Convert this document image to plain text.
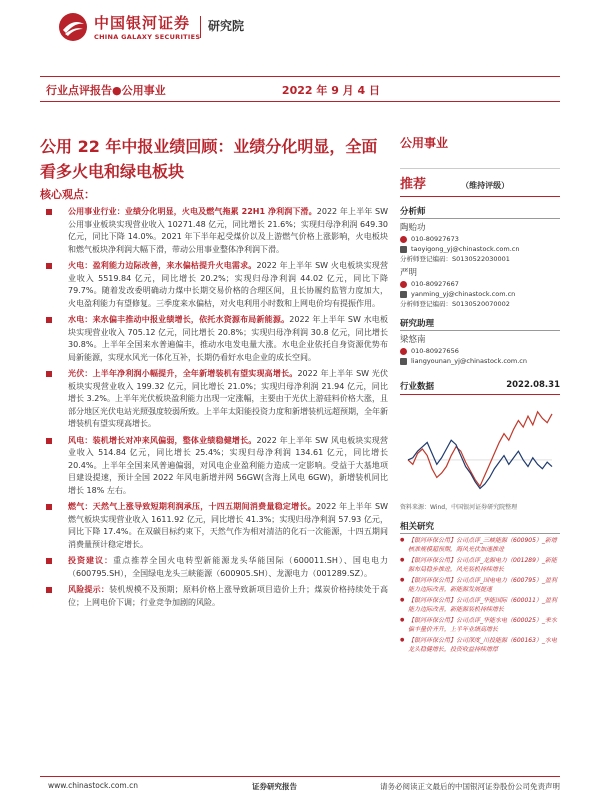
中国银河证券
CHINA GALAXY SECURITIES
研究院
行业点评报告●公用事业	2022 年 9 月 4 日
公用 22 年中报业绩回顾：业绩分化明显，全面看多火电和绿电板块
核心观点：
公用事业行业：业绩分化明显，火电及燃气拖累 22H1 净利润下滑。2022 年上半年 SW 公用事业板块实现营业收入 10271.48 亿元，同比增长 21.6%；实现归母净利润 649.30 亿元，同比下降 14.0%。2021 年下半年起受煤价以及上游燃气价格上涨影响，火电板块和燃气板块净利润大幅下滑，带动公用事业整体净利润下滑。
火电：盈利能力边际改善，来水偏枯提升火电需求。2022 年上半年 SW 火电板块实现营业收入 5519.84 亿元，同比增长 20.2%；实现归母净利润 44.02 亿元，同比下降 79.7%。随着发改委明确动力煤中长期交易价格的合理区间，且长协履约监管力度加大，火电盈利能力有望修复。三季度来水偏枯，对火电利用小时数和上网电价均有提振作用。
水电：来水偏丰推动中报业绩增长，依托水资源布局新能源。2022 年上半年 SW 水电板块实现营业收入 705.12 亿元，同比增长 20.8%；实现归母净利润 30.8 亿元，同比增长 30.8%。上半年全国来水普遍偏丰，推动水电发电量大涨。水电企业依托自身资源优势布局新能源，实现水风光一体化互补，长期仍看好水电企业的成长空间。
光伏：上半年净利润小幅提升，全年新增装机有望实现高增长。2022 年上半年 SW 光伏板块实现营业收入 199.32 亿元，同比增长 21.0%；实现归母净利润 21.94 亿元，同比增长 3.2%。上半年光伏板块盈利能力出现一定涨幅，主要由于光伏上游硅料价格大涨，且部分地区光伏电站光照强度较弱所致。上半年太阳能投资力度和新增装机远超预期，全年新增装机有望实现高增长。
风电：装机增长对冲来风偏弱，整体业绩稳健增长。2022 年上半年 SW 风电板块实现营业收入 514.84 亿元，同比增长 25.4%；实现归母净利润 134.61 亿元，同比增长 20.4%。上半年全国来风普遍偏弱，对风电企业盈利能力造成一定影响。受益于大基地项目建设提速，预计全国 2022 年风电新增并网 56GW(含海上风电 6GW)，新增装机同比增长 18% 左右。
燃气：天然气上涨导致短期利润承压，十四五期间消费量稳定增长。2022 年上半年 SW 燃气板块实现营业收入 1611.92 亿元，同比增长 41.3%；实现归母净利润 57.93 亿元，同比下降 17.4%。在双碳目标约束下，天然气作为相对清洁的化石一次能源，十四五期间消费量预计稳定增长。
投资建议：重点推荐全国火电转型新能源龙头华能国际（600011.SH）、国电电力（600795.SH），全国绿电龙头三峡能源（600905.SH）、龙源电力（001289.SZ）。
风险提示：装机规模不及预期；原料价格上涨导致新项目造价上升；煤炭价格持续处于高位；上网电价下调；行业竞争加剧的风险。
公用事业
推荐	（维持评级）
分析师
陶贻功
010-80927673
taoyigong_yj@chinastock.com.cn
分析师登记编码：S0130522030001
严明
010-80927667
yanming_yj@chinastock.com.cn
分析师登记编码：S0130520070002
研究助理
梁悠南
010-80927656
liangyounan_yj@chinastock.com.cn
行业数据	2022.08.31
资料来源：Wind，中国银河证券研究院整理
相关研究
● 【银河环保公用】公司点评_三峡能源（600905）_新增核准规模超预期，海风光伏加速推进
● 【银河环保公用】公司点评_龙源电力（001289）_新能源布局稳步推进，风光装机持续增长
● 【银河环保公用】公司点评_国电电力（600795）_盈利能力边际改善，新能源发展提速
● 【银河环保公用】公司点评_华能国际（600011）_盈利能力边际改善，新能源装机持续增长
● 【银河环保公用】公司点评_华能水电（600025）_来水偏丰量价齐升，上半年业绩高增长
● 【银河环保公用】公司深度_川投能源（600163）_水电龙头稳健增长，投资收益持续增厚
www.chinastock.com.cn	证券研究报告	请务必阅读正文最后的中国银河证券股份公司免责声明
